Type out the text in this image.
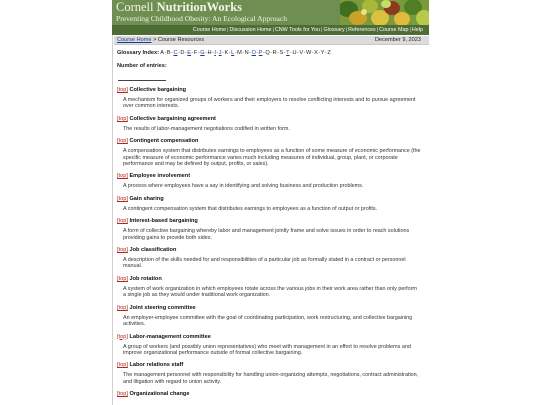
Cornell NutritionWorks
Preventing Childhood Obesity: An Ecological Approach
Course Home|Discussion Home|CNW Tools for You|Glossary|References|Course Map|Help
Course Home > Course Resources	December 9, 2023
Glossary Index: A-B-C-D-E-F-G-H-I-J-K-L-M-N-O-P-Q-R-S-T-U-V-W-X-Y-Z
Number of entries:
[top] Collective bargaining
A mechanism for organized groups of workers and their employers to resolve conflicting interests and to pursue agreement over common interests.
[top] Collective bargaining agreement
The results of labor-management negotiations codified in written form.
[top] Contingent compensation
A compensation system that distributes earnings to employees as a function of some measure of economic performance (the specific measure of economic performance varies much including measures of individual, group, plant, or corporate performance and may be defined by output, profits, or sales).
[top] Employee involvement
A process where employees have a say in identifying and solving business and production problems.
[top] Gain sharing
A contingent compensation system that distributes earnings to employees as a function of output or profits.
[top] Interest-based bargaining
A form of collective bargaining whereby labor and management jointly frame and solve issues in order to reach solutions providing gains to provide both sides.
[top] Job classification
A description of the skills needed for and responsibilities of a particular job as formally stated in a contract or personnel manual.
[top] Job rotation
A system of work organization in which employees rotate across the various jobs in their work area rather than only perform a single job as they would under traditional work organization.
[top] Joint steering committee
An employer-employee committee with the goal of coordinating participation, work restructuring, and collective bargaining activities.
[top] Labor-management committee
A group of workers (and possibly union representatives) who meet with management in an effort to resolve problems and improve organizational performance outside of formal collective bargaining.
[top] Labor relations staff
The management personnel with responsibility for handling union-organizing attempts, negotiations, contract administration, and litigation with regard to union activity.
[top] Organizational change
